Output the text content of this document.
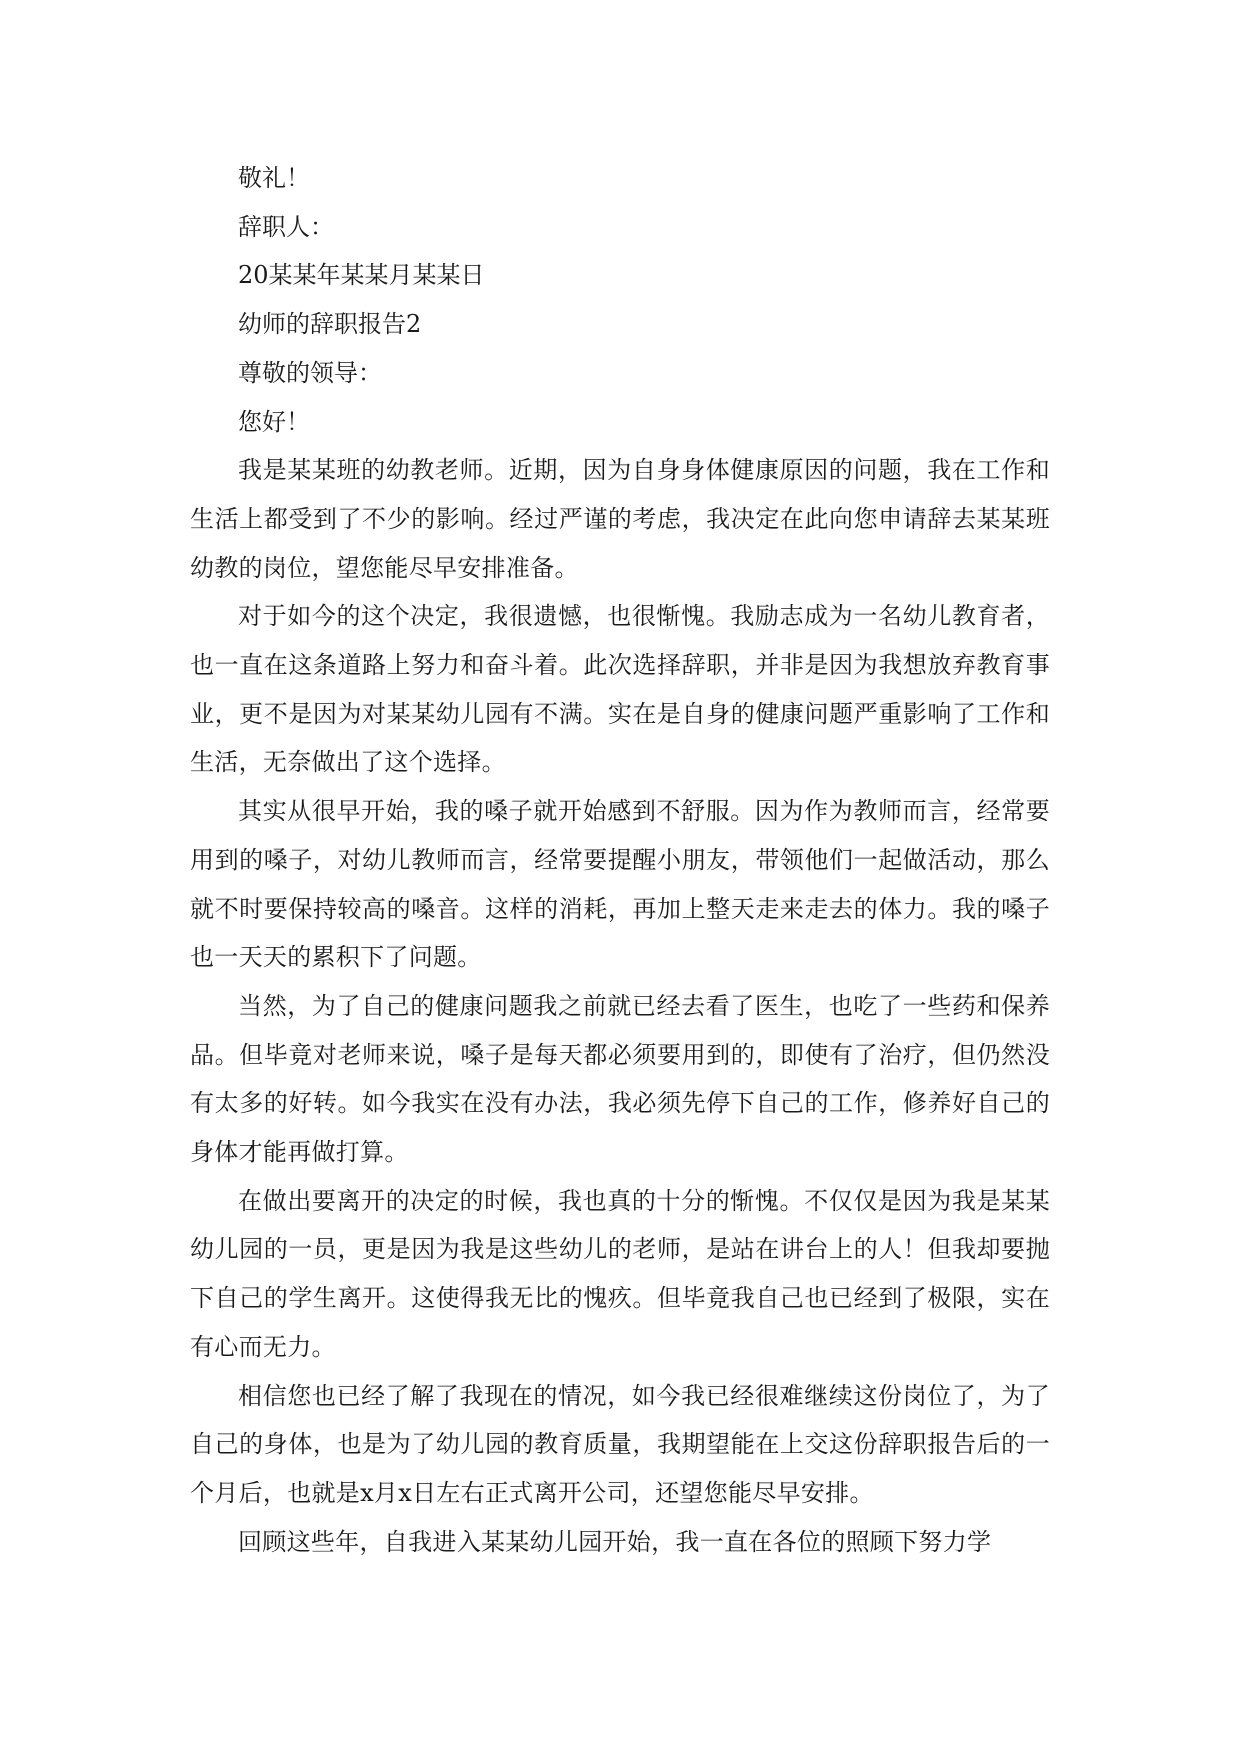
敬礼！

辞职人：

20某某年某某月某某日

幼师的辞职报告2

尊敬的领导：

您好！

我是某某班的幼教老师。近期，因为自身身体健康原因的问题，我在工作和生活上都受到了不少的影响。经过严谨的考虑，我决定在此向您申请辞去某某班幼教的岗位，望您能尽早安排准备。

对于如今的这个决定，我很遗憾，也很惭愧。我励志成为一名幼儿教育者，也一直在这条道路上努力和奋斗着。此次选择辞职，并非是因为我想放弃教育事业，更不是因为对某某幼儿园有不满。实在是自身的健康问题严重影响了工作和生活，无奈做出了这个选择。

其实从很早开始，我的嗓子就开始感到不舒服。因为作为教师而言，经常要用到的嗓子，对幼儿教师而言，经常要提醒小朋友，带领他们一起做活动，那么就不时要保持较高的嗓音。这样的消耗，再加上整天走来走去的体力。我的嗓子也一天天的累积下了问题。

当然，为了自己的健康问题我之前就已经去看了医生，也吃了一些药和保养品。但毕竟对老师来说，嗓子是每天都必须要用到的，即使有了治疗，但仍然没有太多的好转。如今我实在没有办法，我必须先停下自己的工作，修养好自己的身体才能再做打算。

在做出要离开的决定的时候，我也真的十分的惭愧。不仅仅是因为我是某某幼儿园的一员，更是因为我是这些幼儿的老师，是站在讲台上的人！但我却要抛下自己的学生离开。这使得我无比的愧疚。但毕竟我自己也已经到了极限，实在有心而无力。

相信您也已经了解了我现在的情况，如今我已经很难继续这份岗位了，为了自己的身体，也是为了幼儿园的教育质量，我期望能在上交这份辞职报告后的一个月后，也就是x月x日左右正式离开公司，还望您能尽早安排。

回顾这些年，自我进入某某幼儿园开始，我一直在各位的照顾下努力学
